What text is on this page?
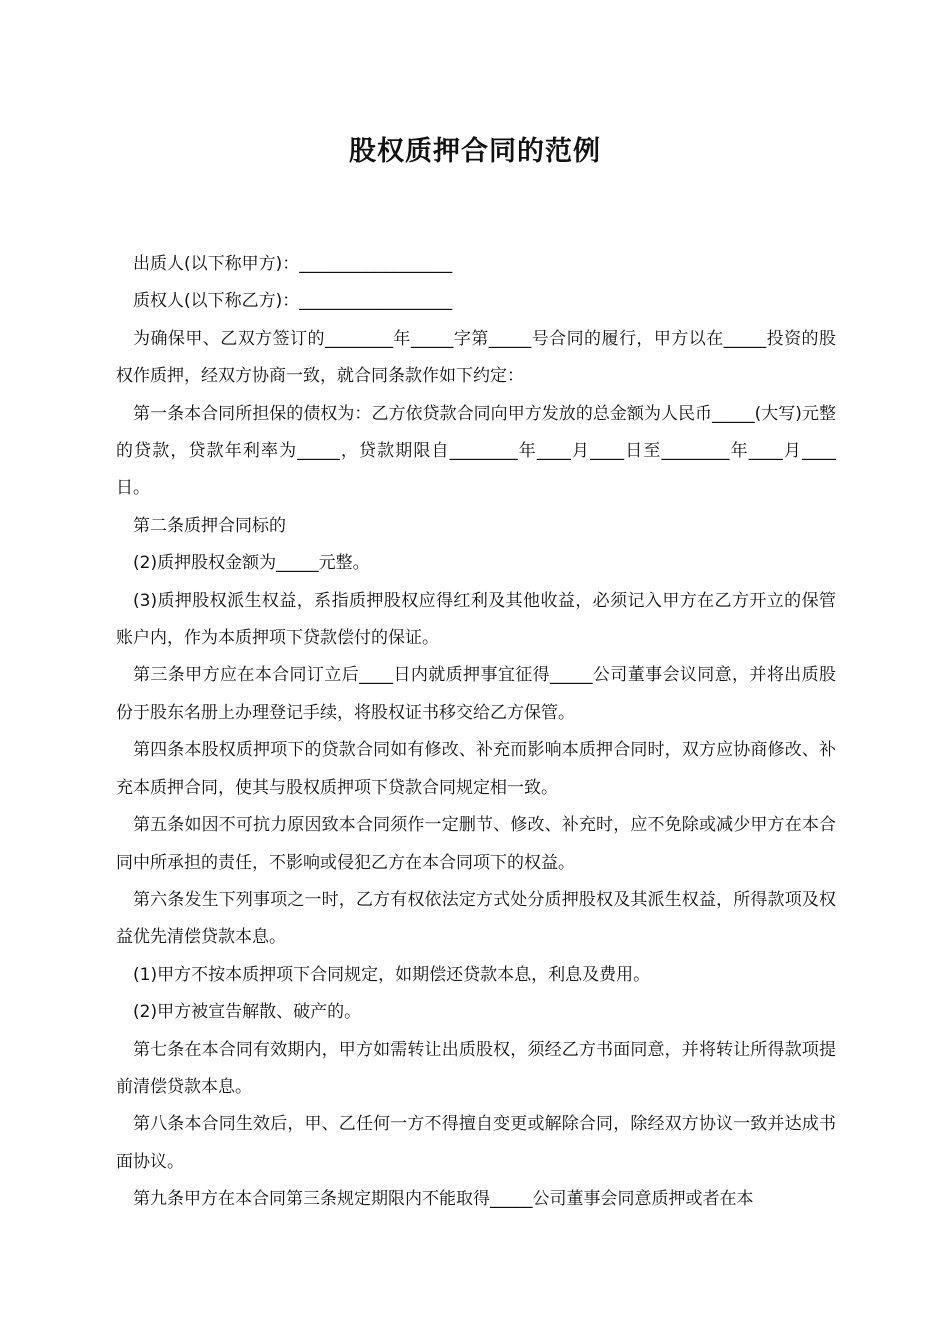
股权质押合同的范例

出质人(以下称甲方)：__________________

质权人(以下称乙方)：__________________

为确保甲、乙双方签订的________年_____字第_____号合同的履行，甲方以在_____投资的股权作质押，经双方协商一致，就合同条款作如下约定：

第一条本合同所担保的债权为：乙方依贷款合同向甲方发放的总金额为人民币_____(大写)元整的贷款，贷款年利率为_____，贷款期限自________年____月____日至________年____月____日。

第二条质押合同标的

(2)质押股权金额为_____元整。

(3)质押股权派生权益，系指质押股权应得红利及其他收益，必须记入甲方在乙方开立的保管账户内，作为本质押项下贷款偿付的保证。

第三条甲方应在本合同订立后____日内就质押事宜征得_____公司董事会议同意，并将出质股份于股东名册上办理登记手续，将股权证书移交给乙方保管。

第四条本股权质押项下的贷款合同如有修改、补充而影响本质押合同时，双方应协商修改、补充本质押合同，使其与股权质押项下贷款合同规定相一致。

第五条如因不可抗力原因致本合同须作一定删节、修改、补充时，应不免除或减少甲方在本合同中所承担的责任，不影响或侵犯乙方在本合同项下的权益。

第六条发生下列事项之一时，乙方有权依法定方式处分质押股权及其派生权益，所得款项及权益优先清偿贷款本息。

(1)甲方不按本质押项下合同规定，如期偿还贷款本息，利息及费用。

(2)甲方被宣告解散、破产的。

第七条在本合同有效期内，甲方如需转让出质股权，须经乙方书面同意，并将转让所得款项提前清偿贷款本息。

第八条本合同生效后，甲、乙任何一方不得擅自变更或解除合同，除经双方协议一致并达成书面协议。

第九条甲方在本合同第三条规定期限内不能取得_____公司董事会同意质押或者在本
